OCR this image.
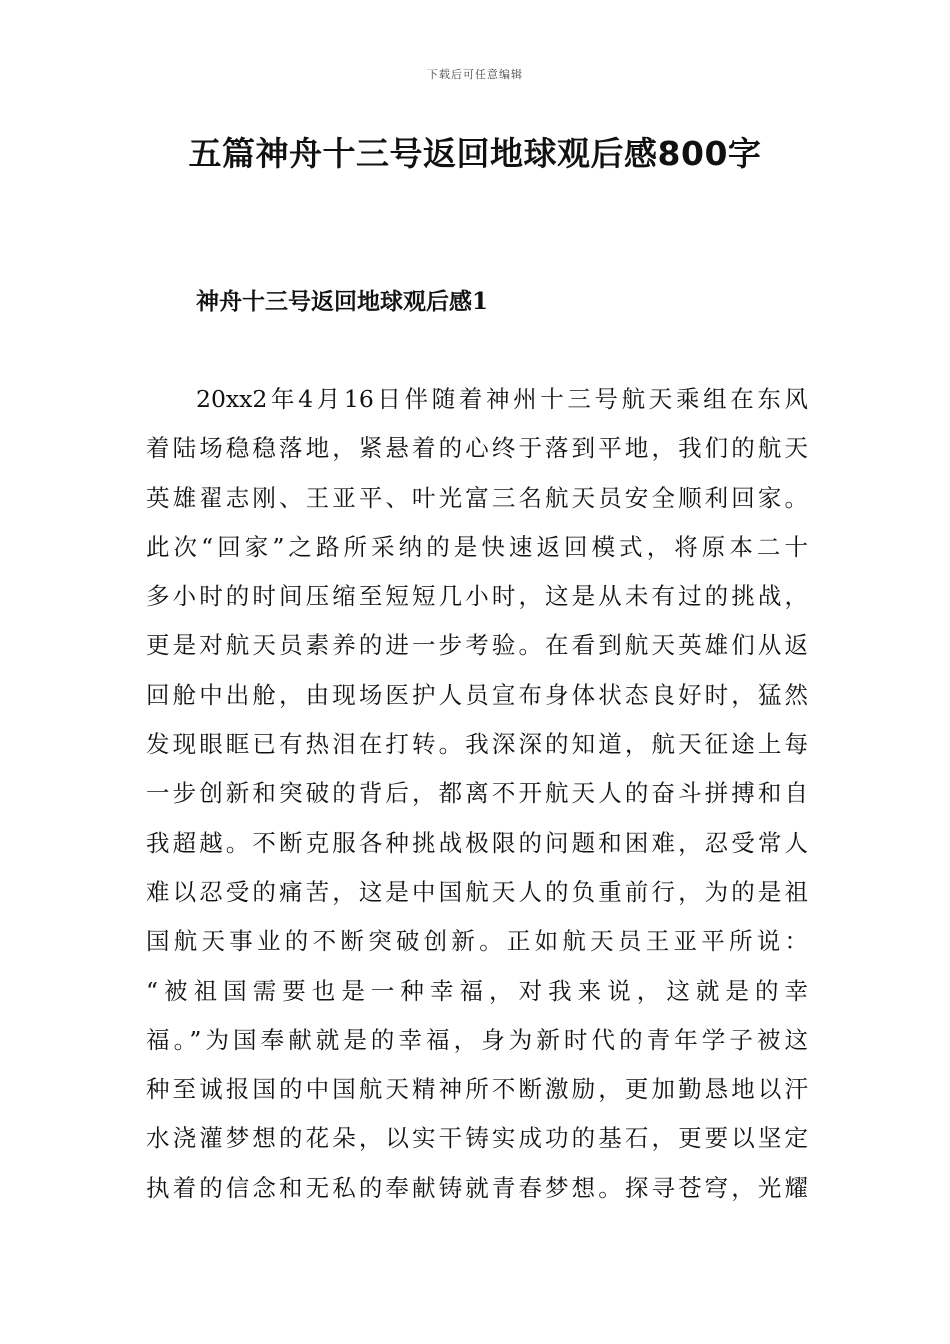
下载后可任意编辑
五篇神舟十三号返回地球观后感800字
神舟十三号返回地球观后感1
20xx2年4月16日伴随着神州十三号航天乘组在东风
着陆场稳稳落地，紧悬着的心终于落到平地，我们的航天
英雄翟志刚、王亚平、叶光富三名航天员安全顺利回家。
此次“回家”之路所采纳的是快速返回模式，将原本二十
多小时的时间压缩至短短几小时，这是从未有过的挑战，
更是对航天员素养的进一步考验。在看到航天英雄们从返
回舱中出舱，由现场医护人员宣布身体状态良好时，猛然
发现眼眶已有热泪在打转。我深深的知道，航天征途上每
一步创新和突破的背后，都离不开航天人的奋斗拼搏和自
我超越。不断克服各种挑战极限的问题和困难，忍受常人
难以忍受的痛苦，这是中国航天人的负重前行，为的是祖
国航天事业的不断突破创新。正如航天员王亚平所说：
“被祖国需要也是一种幸福，对我来说，这就是的幸
福。”为国奉献就是的幸福，身为新时代的青年学子被这
种至诚报国的中国航天精神所不断激励，更加勤恳地以汗
水浇灌梦想的花朵，以实干铸实成功的基石，更要以坚定
执着的信念和无私的奉献铸就青春梦想。探寻苍穹，光耀
